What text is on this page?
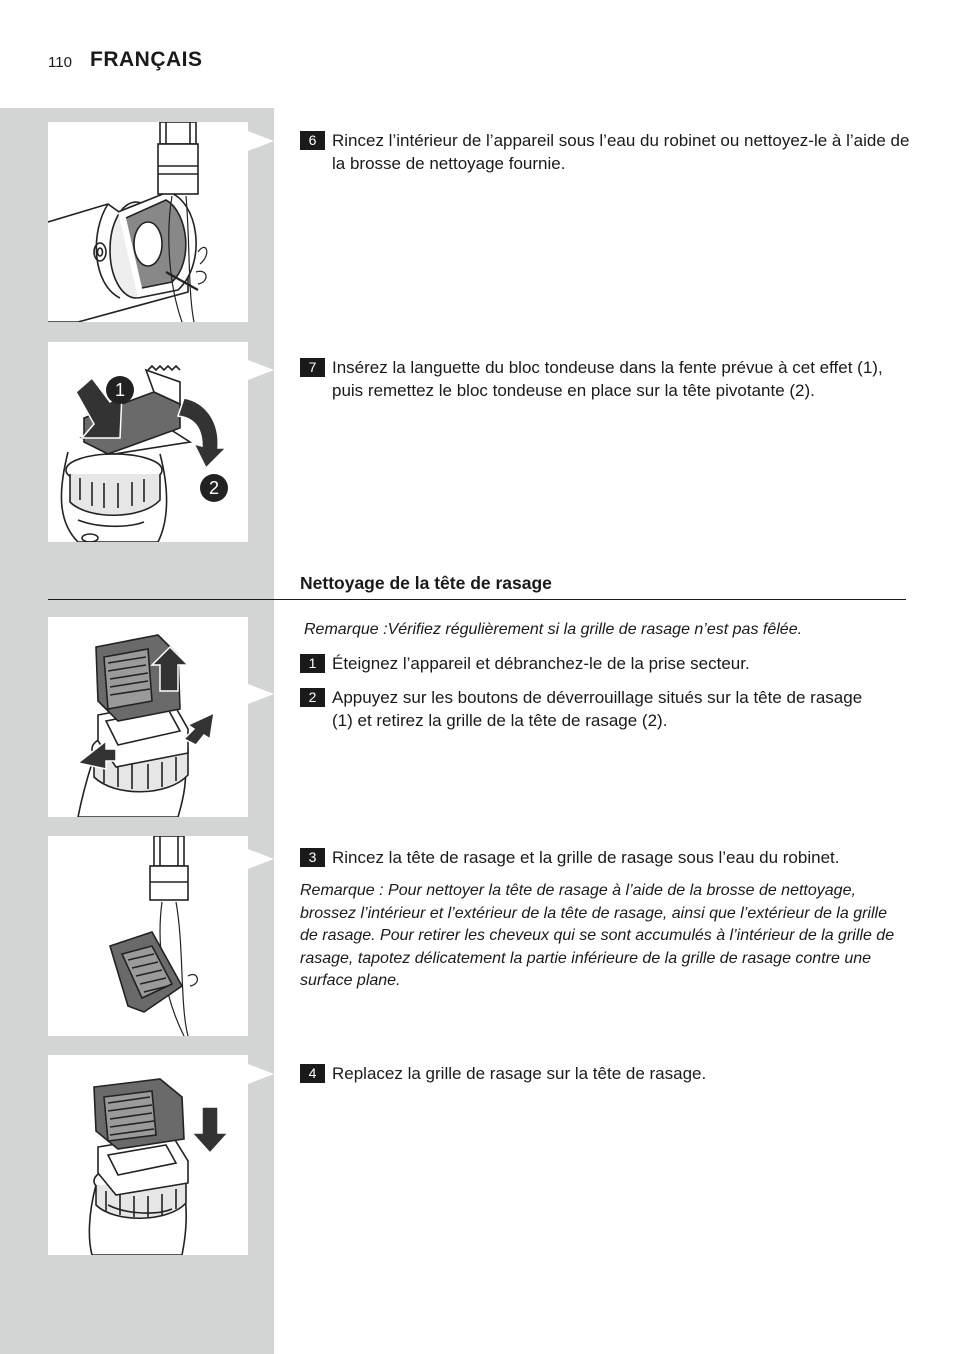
110 FRANÇAIS
1
2
6 Rincez l’intérieur de l’appareil sous l’eau du robinet ou nettoyez-le à l’aide de la brosse de nettoyage fournie.
7 Insérez la languette du bloc tondeuse dans la fente prévue à cet effet (1), puis remettez le bloc tondeuse en place sur la tête pivotante (2).
Nettoyage de la tête de rasage
Remarque :Vérifiez régulièrement si la grille de rasage n’est pas fêlée.
1 Éteignez l’appareil et débranchez-le de la prise secteur.
2 Appuyez sur les boutons de déverrouillage situés sur la tête de rasage (1) et retirez la grille de la tête de rasage (2).
3 Rincez la tête de rasage et la grille de rasage sous l’eau du robinet.
Remarque : Pour nettoyer la tête de rasage à l’aide de la brosse de nettoyage, brossez l’intérieur et l’extérieur de la tête de rasage, ainsi que l’extérieur de la grille de rasage. Pour retirer les cheveux qui se sont accumulés à l’intérieur de la grille de rasage, tapotez délicatement la partie inférieure de la grille de rasage contre une surface plane.
4 Replacez la grille de rasage sur la tête de rasage.
